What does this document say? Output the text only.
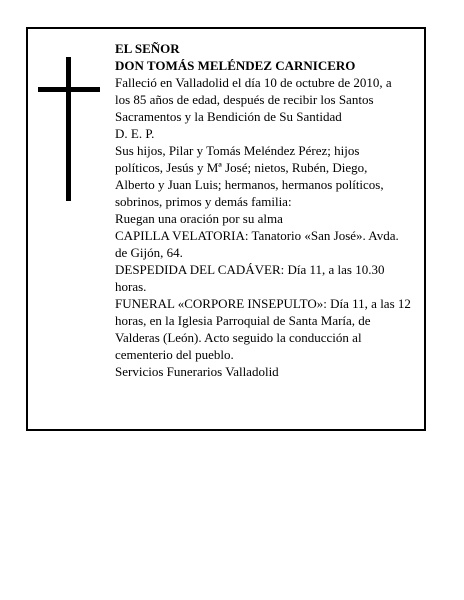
EL SEÑOR
DON TOMÁS MELÉNDEZ CARNICERO
Falleció en Valladolid el día 10 de octubre de 2010, a
los 85 años de edad, después de recibir los Santos
Sacramentos y la Bendición de Su Santidad
D. E. P.
Sus hijos, Pilar y Tomás Meléndez Pérez; hijos
políticos, Jesús y Mª José; nietos, Rubén, Diego,
Alberto y Juan Luis; hermanos, hermanos políticos,
sobrinos, primos y demás familia:
Ruegan una oración por su alma
CAPILLA VELATORIA: Tanatorio «San José». Avda.
de Gijón, 64.
DESPEDIDA DEL CADÁVER: Día 11, a las 10.30
horas.
FUNERAL «CORPORE INSEPULTO»: Día 11, a las 12
horas, en la Iglesia Parroquial de Santa María, de
Valderas (León). Acto seguido la conducción al
cementerio del pueblo.
Servicios Funerarios Valladolid
